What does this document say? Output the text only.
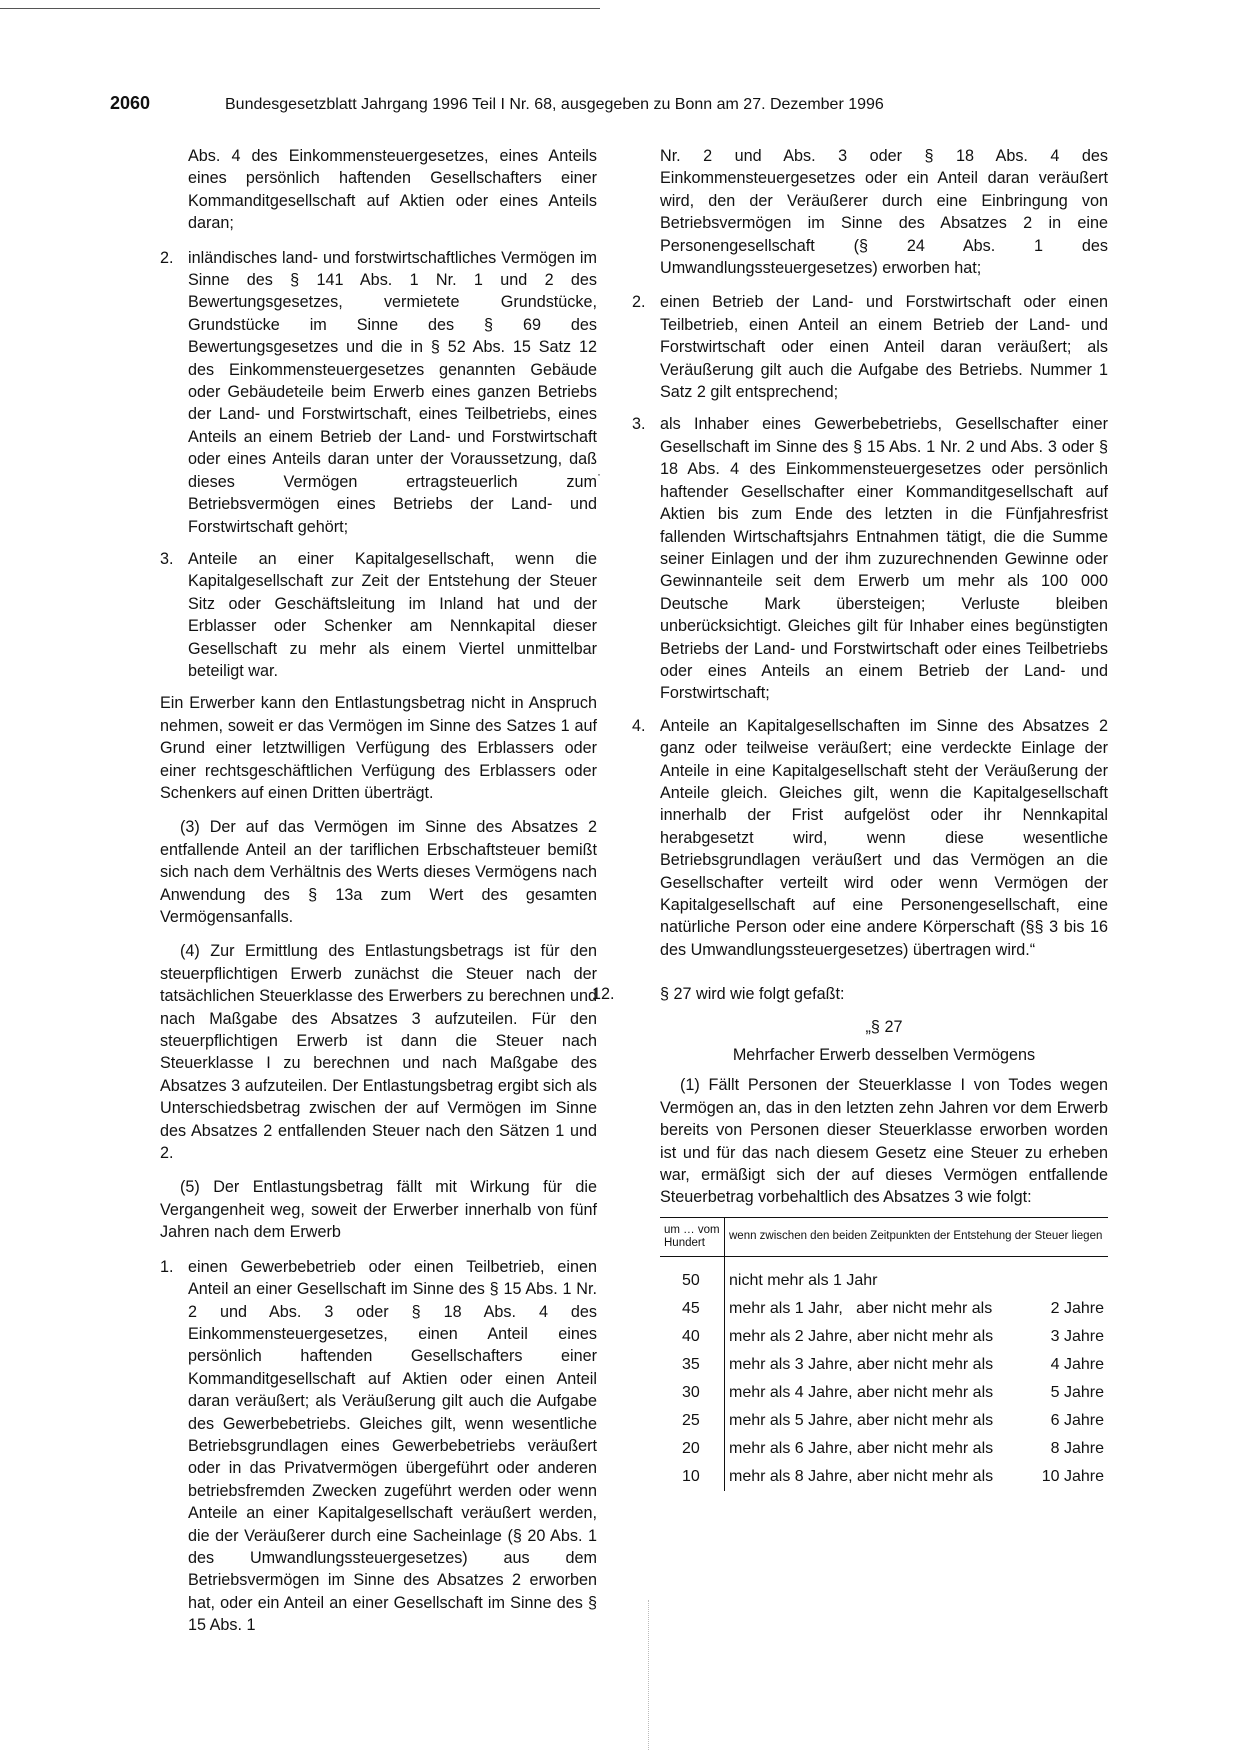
2060	Bundesgesetzblatt Jahrgang 1996 Teil I Nr. 68, ausgegeben zu Bonn am 27. Dezember 1996

Abs. 4 des Einkommensteuergesetzes, eines Anteils eines persönlich haftenden Gesellschafters einer Kommanditgesellschaft auf Aktien oder eines Anteils daran;

2. inländisches land- und forstwirtschaftliches Vermögen im Sinne des § 141 Abs. 1 Nr. 1 und 2 des Bewertungsgesetzes, vermietete Grundstücke, Grundstücke im Sinne des § 69 des Bewertungsgesetzes und die in § 52 Abs. 15 Satz 12 des Einkommensteuergesetzes genannten Gebäude oder Gebäudeteile beim Erwerb eines ganzen Betriebs der Land- und Forstwirtschaft, eines Teilbetriebs, eines Anteils an einem Betrieb der Land- und Forstwirtschaft oder eines Anteils daran unter der Voraussetzung, daß dieses Vermögen ertragsteuerlich zum Betriebsvermögen eines Betriebs der Land- und Forstwirtschaft gehört;
3. Anteile an einer Kapitalgesellschaft, wenn die Kapitalgesellschaft zur Zeit der Entstehung der Steuer Sitz oder Geschäftsleitung im Inland hat und der Erblasser oder Schenker am Nennkapital dieser Gesellschaft zu mehr als einem Viertel unmittelbar beteiligt war.

Ein Erwerber kann den Entlastungsbetrag nicht in Anspruch nehmen, soweit er das Vermögen im Sinne des Satzes 1 auf Grund einer letztwilligen Verfügung des Erblassers oder einer rechtsgeschäftlichen Verfügung des Erblassers oder Schenkers auf einen Dritten überträgt.

(3) Der auf das Vermögen im Sinne des Absatzes 2 entfallende Anteil an der tariflichen Erbschaftsteuer bemißt sich nach dem Verhältnis des Werts dieses Vermögens nach Anwendung des § 13a zum Wert des gesamten Vermögensanfalls.

(4) Zur Ermittlung des Entlastungsbetrags ist für den steuerpflichtigen Erwerb zunächst die Steuer nach der tatsächlichen Steuerklasse des Erwerbers zu berechnen und nach Maßgabe des Absatzes 3 aufzuteilen. Für den steuerpflichtigen Erwerb ist dann die Steuer nach Steuerklasse I zu berechnen und nach Maßgabe des Absatzes 3 aufzuteilen. Der Entlastungsbetrag ergibt sich als Unterschiedsbetrag zwischen der auf Vermögen im Sinne des Absatzes 2 entfallenden Steuer nach den Sätzen 1 und 2.

(5) Der Entlastungsbetrag fällt mit Wirkung für die Vergangenheit weg, soweit der Erwerber innerhalb von fünf Jahren nach dem Erwerb

1. einen Gewerbebetrieb oder einen Teilbetrieb, einen Anteil an einer Gesellschaft im Sinne des § 15 Abs. 1 Nr. 2 und Abs. 3 oder § 18 Abs. 4 des Einkommensteuergesetzes, einen Anteil eines persönlich haftenden Gesellschafters einer Kommanditgesellschaft auf Aktien oder einen Anteil daran veräußert; als Veräußerung gilt auch die Aufgabe des Gewerbebetriebs. Gleiches gilt, wenn wesentliche Betriebsgrundlagen eines Gewerbebetriebs veräußert oder in das Privatvermögen übergeführt oder anderen betriebsfremden Zwecken zugeführt werden oder wenn Anteile an einer Kapitalgesellschaft veräußert werden, die der Veräußerer durch eine Sacheinlage (§ 20 Abs. 1 des Umwandlungssteuergesetzes) aus dem Betriebsvermögen im Sinne des Absatzes 2 erworben hat, oder ein Anteil an einer Gesellschaft im Sinne des § 15 Abs. 1
·

Nr. 2 und Abs. 3 oder § 18 Abs. 4 des Einkommensteuergesetzes oder ein Anteil daran veräußert wird, den der Veräußerer durch eine Einbringung von Betriebsvermögen im Sinne des Absatzes 2 in eine Personengesellschaft (§ 24 Abs. 1 des Umwandlungssteuergesetzes) erworben hat;

2. einen Betrieb der Land- und Forstwirtschaft oder einen Teilbetrieb, einen Anteil an einem Betrieb der Land- und Forstwirtschaft oder einen Anteil daran veräußert; als Veräußerung gilt auch die Aufgabe des Betriebs. Nummer 1 Satz 2 gilt entsprechend;
3. als Inhaber eines Gewerbebetriebs, Gesellschafter einer Gesellschaft im Sinne des § 15 Abs. 1 Nr. 2 und Abs. 3 oder § 18 Abs. 4 des Einkommensteuergesetzes oder persönlich haftender Gesellschafter einer Kommanditgesellschaft auf Aktien bis zum Ende des letzten in die Fünfjahresfrist fallenden Wirtschaftsjahrs Entnahmen tätigt, die die Summe seiner Einlagen und der ihm zuzurechnenden Gewinne oder Gewinnanteile seit dem Erwerb um mehr als 100 000 Deutsche Mark übersteigen; Verluste bleiben unberücksichtigt. Gleiches gilt für Inhaber eines begünstigten Betriebs der Land- und Forstwirtschaft oder eines Teilbetriebs oder eines Anteils an einem Betrieb der Land- und Forstwirtschaft;
4. Anteile an Kapitalgesellschaften im Sinne des Absatzes 2 ganz oder teilweise veräußert; eine verdeckte Einlage der Anteile in eine Kapitalgesellschaft steht der Veräußerung der Anteile gleich. Gleiches gilt, wenn die Kapitalgesellschaft innerhalb der Frist aufgelöst oder ihr Nennkapital herabgesetzt wird, wenn diese wesentliche Betriebsgrundlagen veräußert und das Vermögen an die Gesellschafter verteilt wird oder wenn Vermögen der Kapitalgesellschaft auf eine Personengesellschaft, eine natürliche Person oder eine andere Körperschaft (§§ 3 bis 16 des Umwandlungssteuergesetzes) übertragen wird.“
12.	§ 27 wird wie folgt gefaßt:

„§ 27

Mehrfacher Erwerb desselben Vermögens

(1) Fällt Personen der Steuerklasse I von Todes wegen Vermögen an, das in den letzten zehn Jahren vor dem Erwerb bereits von Personen dieser Steuerklasse erworben worden ist und für das nach diesem Gesetz eine Steuer zu erheben war, ermäßigt sich der auf dieses Vermögen entfallende Steuerbetrag vorbehaltlich des Absatzes 3 wie folgt:

um … vom Hundert	wenn zwischen den beiden Zeitpunkten der Entstehung der Steuer liegen	
50	nicht mehr als 1 Jahr	
45	mehr als 1 Jahr,   aber nicht mehr als	2 Jahre
40	mehr als 2 Jahre, aber nicht mehr als	3 Jahre
35	mehr als 3 Jahre, aber nicht mehr als	4 Jahre
30	mehr als 4 Jahre, aber nicht mehr als	5 Jahre
25	mehr als 5 Jahre, aber nicht mehr als	6 Jahre
20	mehr als 6 Jahre, aber nicht mehr als	8 Jahre
10	mehr als 8 Jahre, aber nicht mehr als	10 Jahre
